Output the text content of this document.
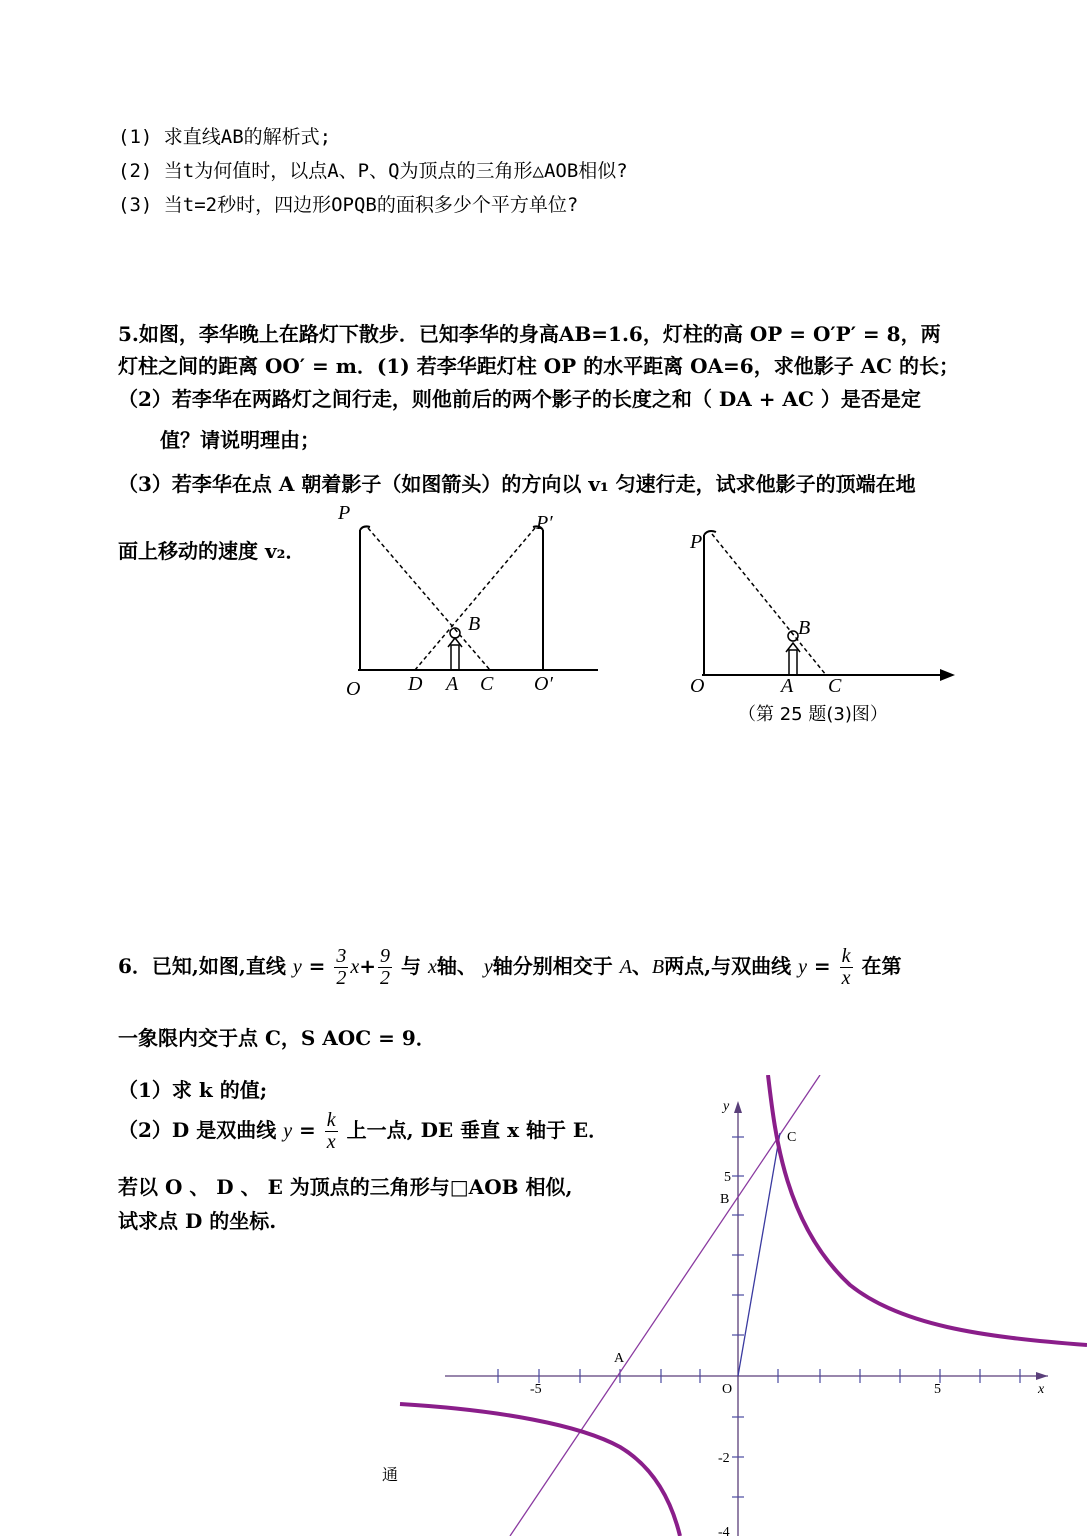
(1) 求直线AB的解析式;
(2) 当t为何值时，以点A、P、Q为顶点的三角形△AOB相似?
(3) 当t=2秒时，四边形OPQB的面积多少个平方单位?
5.如图，李华晚上在路灯下散步．已知李华的身高AB=1.6，灯柱的高 OP = O′P′ = 8，两
灯柱之间的距离 OO′ = m．(1) 若李华距灯柱 OP 的水平距离 OA=6，求他影子 AC 的长；
（2）若李华在两路灯之间行走，则他前后的两个影子的长度之和（ DA + AC ）是否是定
值？请说明理由；
（3）若李华在点 A 朝着影子（如图箭头）的方向以 v₁ 匀速行走，试求他影子的顶端在地
面上移动的速度 v₂．
P	P′
B
O D A C O′
P
B
O	A C
（第 25 题(3)图）
6．已知,如图,直线 $y = \frac{3}{2} x+ \frac{9}{2}$ 与 x轴、 y轴分别相交于 A、B两点,与双曲线 $y = \frac{k}{x}$ 在第
一象限内交于点 C，S AOC = 9．
（1）求 k 的值;
（2）D 是双曲线 $y = \frac{k}{x}$ 上一点, DE 垂直 x 轴于 E．
若以 O 、 D 、 E 为顶点的三角形与□AOB 相似,
试求点 D 的坐标.
y
x
C
B
A
O
5
-5	5
-2
-4
通
